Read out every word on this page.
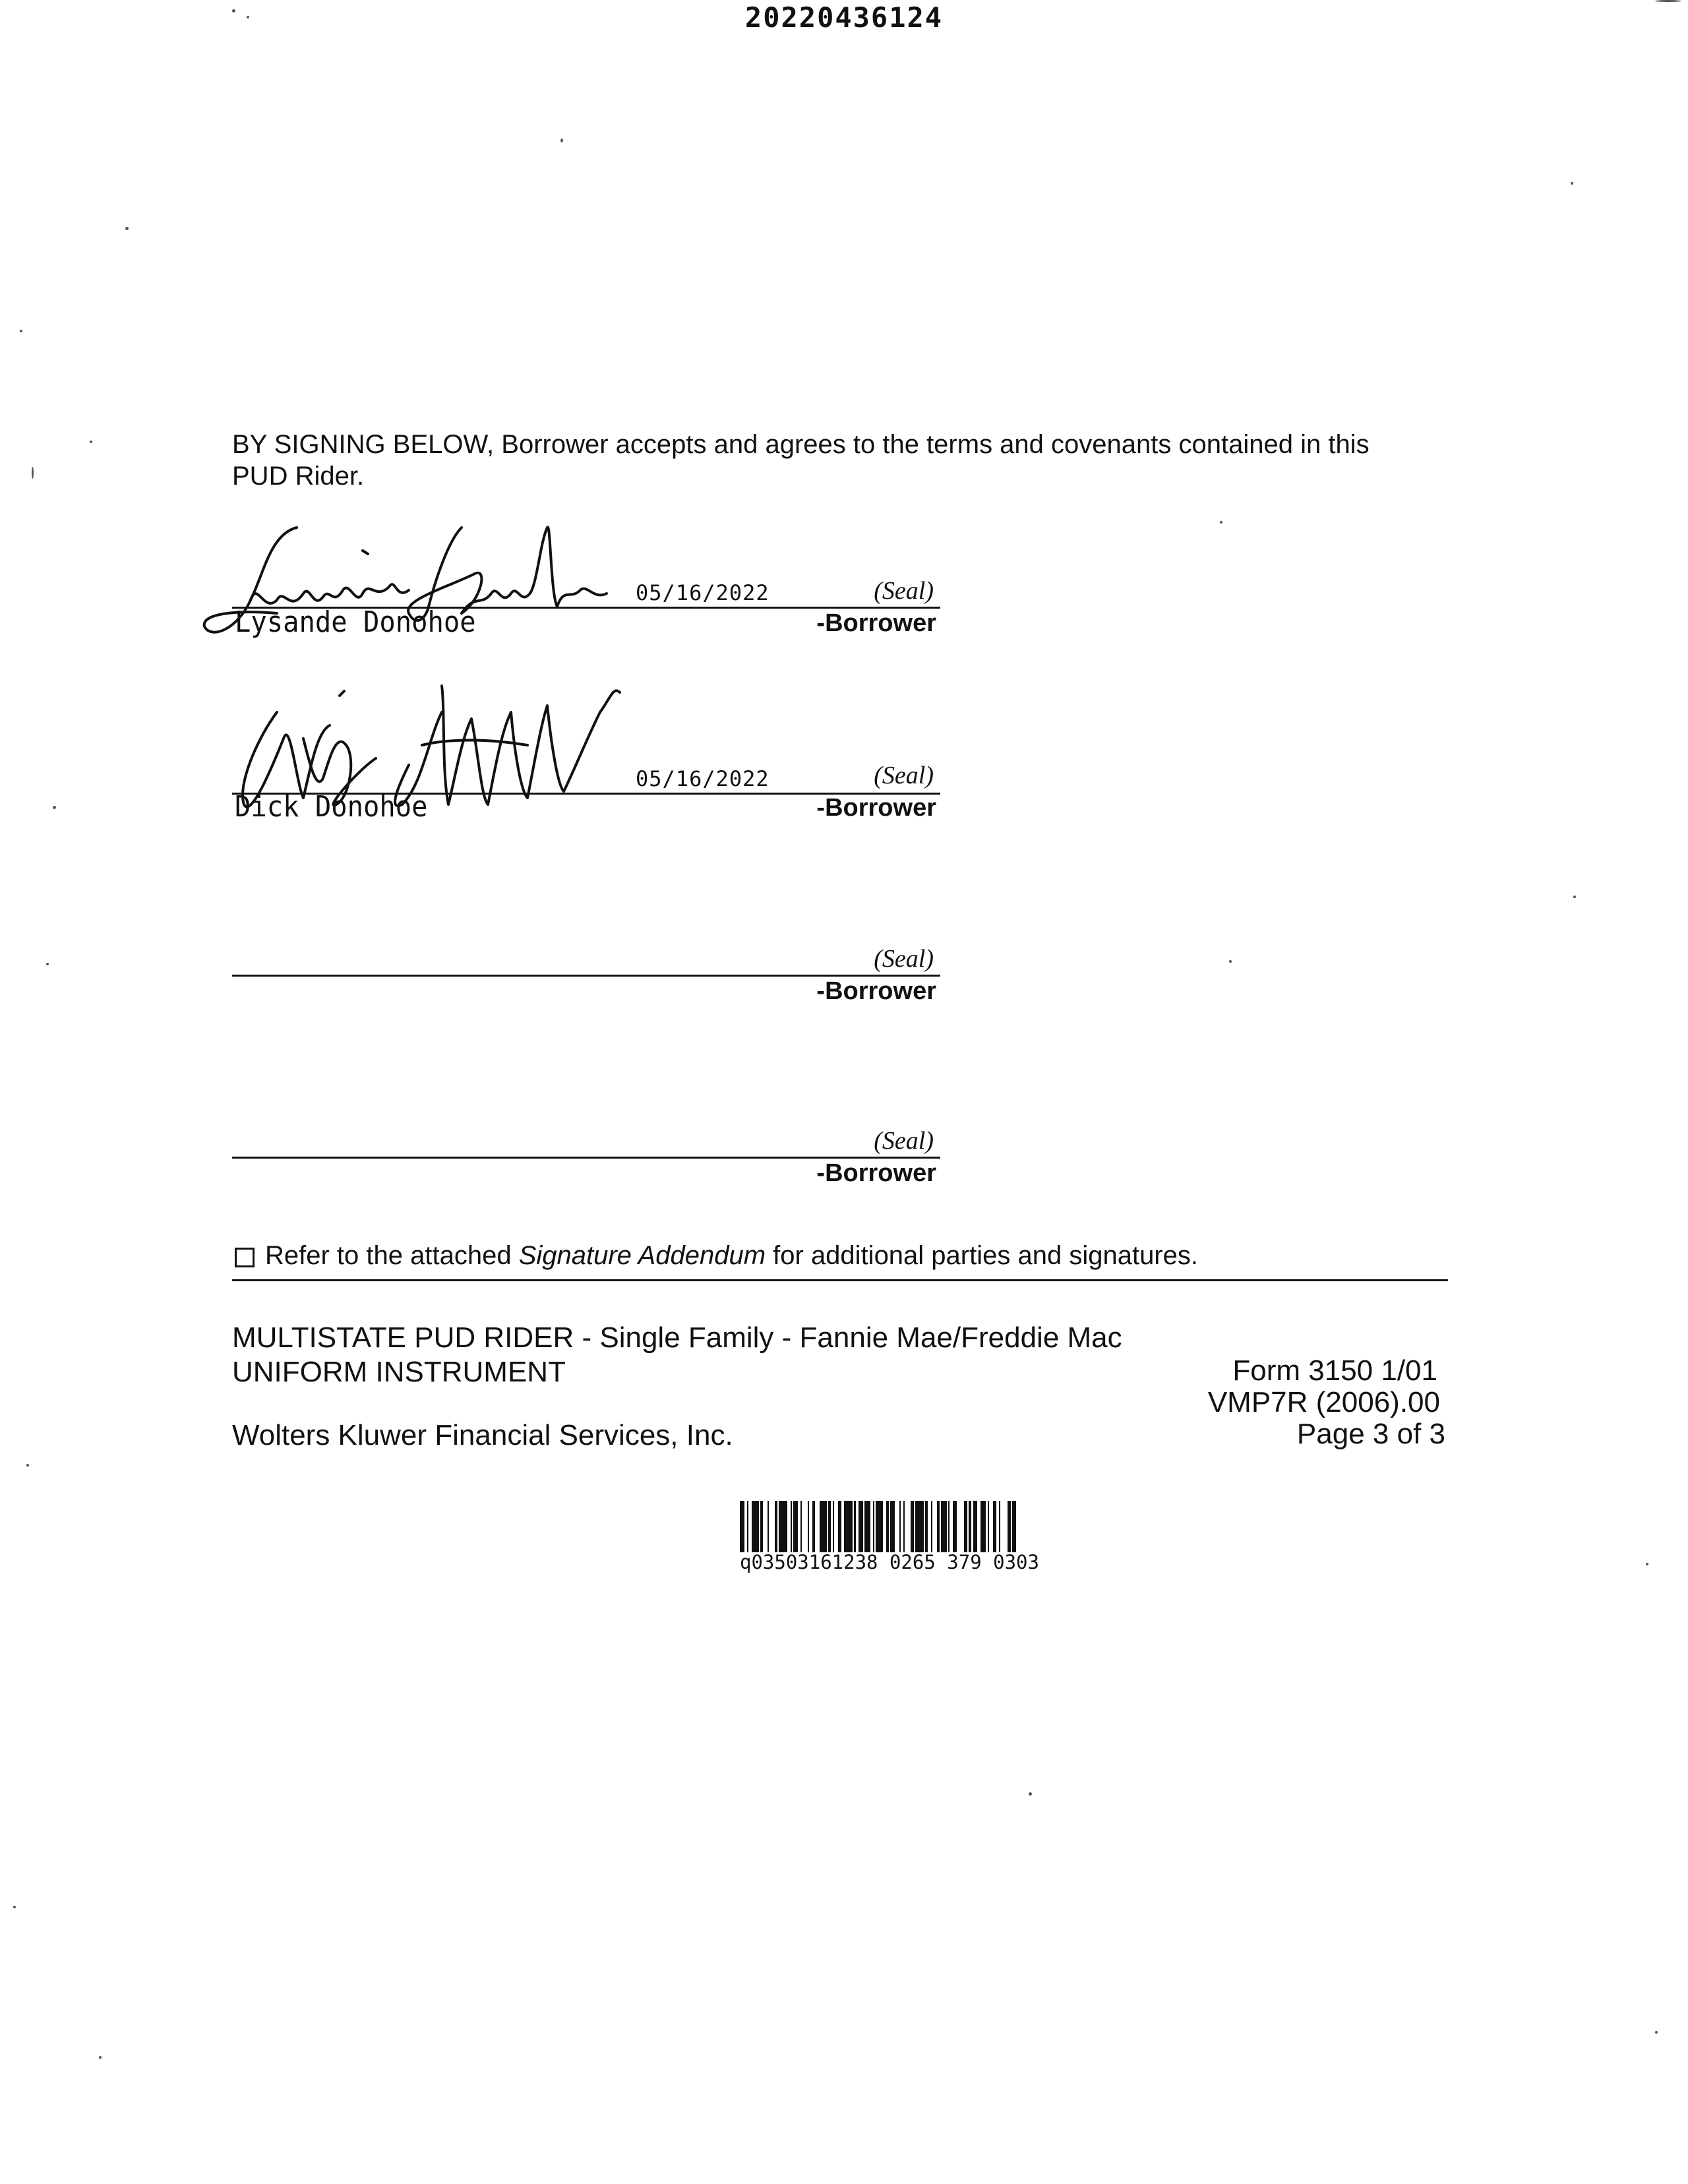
20220436124
BY SIGNING BELOW, Borrower accepts and agrees to the terms and covenants contained in this PUD Rider.
Lysande Donohoe
05/16/2022	(Seal)
-Borrower
Dick Donohoe
05/16/2022	(Seal)
-Borrower
(Seal)
-Borrower
(Seal)
-Borrower
Refer to the attached Signature Addendum for additional parties and signatures.
MULTISTATE PUD RIDER - Single Family - Fannie Mae/Freddie Mac
UNIFORM INSTRUMENT	Form 3150 1/01
VMP7R (2006).00
Wolters Kluwer Financial Services, Inc.	Page 3 of 3
q03503161238 0265 379 0303
